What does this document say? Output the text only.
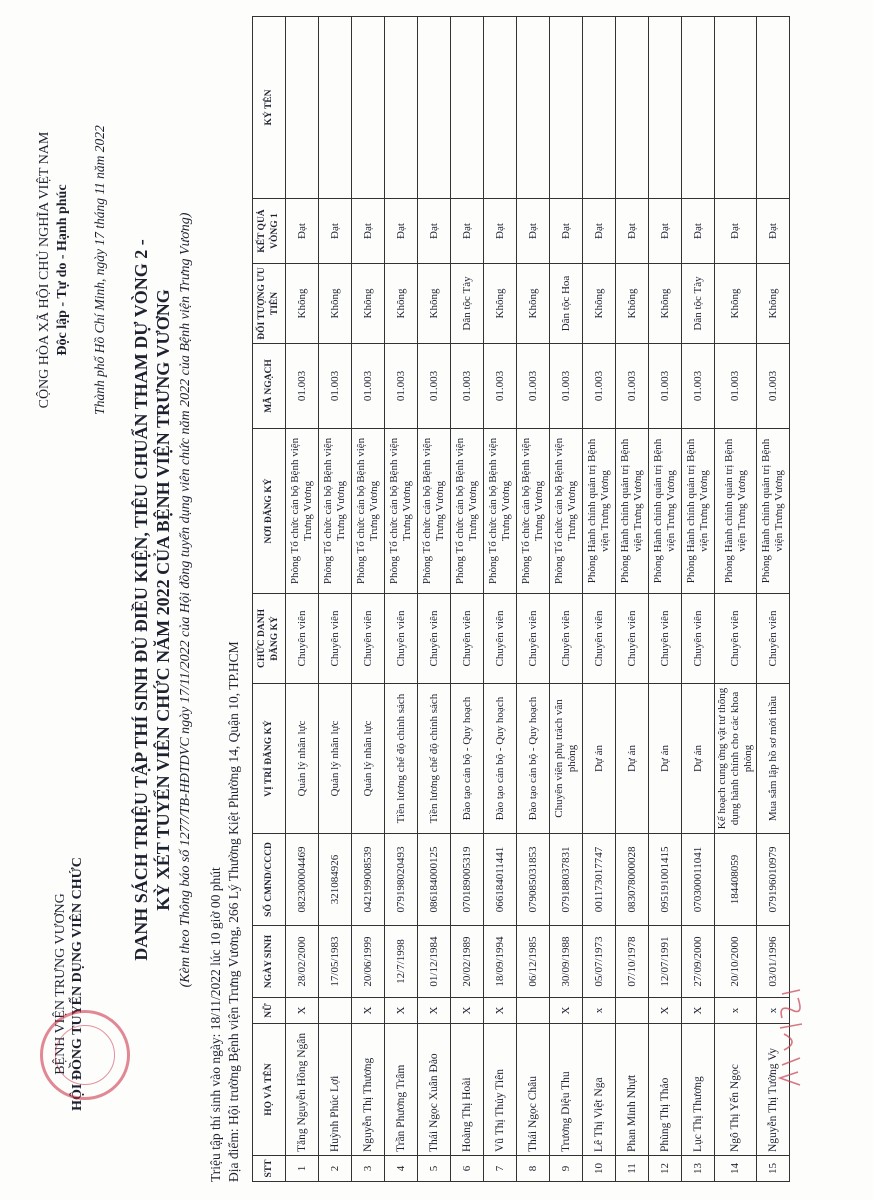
BỆNH VIỆN TRƯNG VƯƠNG HỘI ĐỒNG TUYỂN DỤNG VIÊN CHỨC
CỘNG HÒA XÃ HỘI CHỦ NGHĨA VIỆT NAM Độc lập - Tự do - Hạnh phúc Thành phố Hồ Chí Minh, ngày 17 tháng 11 năm 2022 DANH SÁCH TRIỆU TẬP THÍ SINH ĐỦ ĐIỀU KIỆN, TIÊU CHUẨN THAM DỰ VÒNG 2 - KỲ XÉT TUYỂN VIÊN CHỨC NĂM 2022 CỦA BỆNH VIỆN TRƯNG VƯƠNG (Kèm theo Thông báo số 1277/TB-HĐTDVC ngày 17/11/2022 của Hội đồng tuyển dụng viên chức năm 2022 của Bệnh viện Trưng Vương)
Triệu tập thí sinh vào ngày: 18/11/2022 lúc 10 giờ 00 phút Địa điểm: Hội trường Bệnh viện Trưng Vương, 266 Lý Thường Kiệt Phường 14, Quận 10, TP.HCM STT	HỌ VÀ TÊN	NỮ	NGÀY SINH	SỐ CMND/CCCD	VỊ TRÍ ĐĂNG KÝ	CHỨC DANH ĐĂNG KÝ	NƠI ĐĂNG KÝ	MÃ NGẠCH	ĐỐI TƯỢNG ƯU TIÊN	KẾT QUẢ VÒNG 1	KÝ TÊN
1	Tăng Nguyễn Hồng Ngân	X	28/02/2000	082300004469	Quản lý nhân lực	Chuyên viên	Phòng Tổ chức cán bộ Bệnh viện Trưng Vương	01.003	Không	Đạt	
2	Huỳnh Phúc Lợi		17/05/1983	321084926	Quản lý nhân lực	Chuyên viên	Phòng Tổ chức cán bộ Bệnh viện Trưng Vương	01.003	Không	Đạt	
3	Nguyễn Thị Thương	X	20/06/1999	042199008539	Quản lý nhân lực	Chuyên viên	Phòng Tổ chức cán bộ Bệnh viện Trưng Vương	01.003	Không	Đạt	
4	Trần Phương Trâm	X	12/7/1998	079198020493	Tiền lương chế độ chính sách	Chuyên viên	Phòng Tổ chức cán bộ Bệnh viện Trưng Vương	01.003	Không	Đạt	
5	Thái Ngọc Xuân Đào	X	01/12/1984	086184000125	Tiền lương chế độ chính sách	Chuyên viên	Phòng Tổ chức cán bộ Bệnh viện Trưng Vương	01.003	Không	Đạt	
6	Hoàng Thị Hoài	X	20/02/1989	070189005319	Đào tạo cán bộ - Quy hoạch	Chuyên viên	Phòng Tổ chức cán bộ Bệnh viện Trưng Vương	01.003	Dân tộc Tày	Đạt	
7	Vũ Thị Thủy Tiên	X	18/09/1994	066184011441	Đào tạo cán bộ - Quy hoạch	Chuyên viên	Phòng Tổ chức cán bộ Bệnh viện Trưng Vương	01.003	Không	Đạt	
8	Thái Ngọc Châu		06/12/1985	079085031853	Đào tạo cán bộ - Quy hoạch	Chuyên viên	Phòng Tổ chức cán bộ Bệnh viện Trưng Vương	01.003	Không	Đạt	
9	Trương Diệu Thu	X	30/09/1988	079188037831	Chuyên viên phụ trách văn phòng	Chuyên viên	Phòng Tổ chức cán bộ Bệnh viện Trưng Vương	01.003	Dân tộc Hoa	Đạt	
10	Lê Thị Việt Nga	x	05/07/1973	001173017747	Dự án	Chuyên viên	Phòng Hành chính quản trị Bệnh viện Trưng Vương	01.003	Không	Đạt	
11	Phan Minh Nhựt		07/10/1978	083078000028	Dự án	Chuyên viên	Phòng Hành chính quản trị Bệnh viện Trưng Vương	01.003	Không	Đạt	
12	Phùng Thị Thảo	X	12/07/1991	095191001415	Dự án	Chuyên viên	Phòng Hành chính quản trị Bệnh viện Trưng Vương	01.003	Không	Đạt	
13	Lục Thị Thương	X	27/09/2000	070300011041	Dự án	Chuyên viên	Phòng Hành chính quản trị Bệnh viện Trưng Vương	01.003	Dân tộc Tày	Đạt	
14	Ngô Thị Yến Ngọc	x	20/10/2000	184408059	Kế hoạch cung ứng vật tư thông dụng hành chính cho các khoa phòng	Chuyên viên	Phòng Hành chính quản trị Bệnh viện Trưng Vương	01.003	Không	Đạt	
15	Nguyễn Thị Tường Vy	x	03/01/1996	079196010979	Mua sắm lập hồ sơ mời thầu	Chuyên viên	Phòng Hành chính quản trị Bệnh viện Trưng Vương	01.003	Không	Đạt	
